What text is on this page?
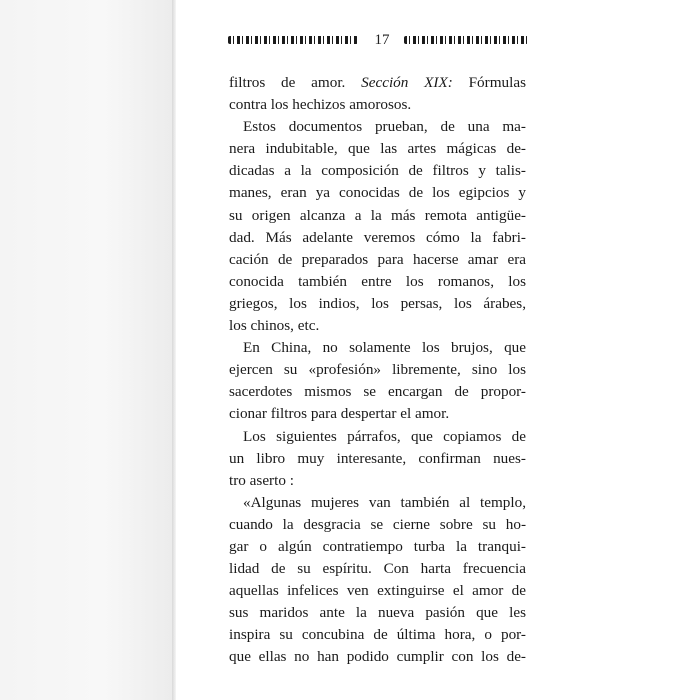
17
filtros de amor. Sección XIX: Fórmulas
contra los hechizos amorosos.
Estos documentos prueban, de una ma-
nera indubitable, que las artes mágicas de-
dicadas a la composición de filtros y talis-
manes, eran ya conocidas de los egipcios y
su origen alcanza a la más remota antigüe-
dad. Más adelante veremos cómo la fabri-
cación de preparados para hacerse amar era
conocida también entre los romanos, los
griegos, los indios, los persas, los árabes,
los chinos, etc.
En China, no solamente los brujos, que
ejercen su «profesión» libremente, sino los
sacerdotes mismos se encargan de propor-
cionar filtros para despertar el amor.
Los siguientes párrafos, que copiamos de
un libro muy interesante, confirman nues-
tro aserto :
«Algunas mujeres van también al templo,
cuando la desgracia se cierne sobre su ho-
gar o algún contratiempo turba la tranqui-
lidad de su espíritu. Con harta frecuencia
aquellas infelices ven extinguirse el amor de
sus maridos ante la nueva pasión que les
inspira su concubina de última hora, o por-
que ellas no han podido cumplir con los de-
